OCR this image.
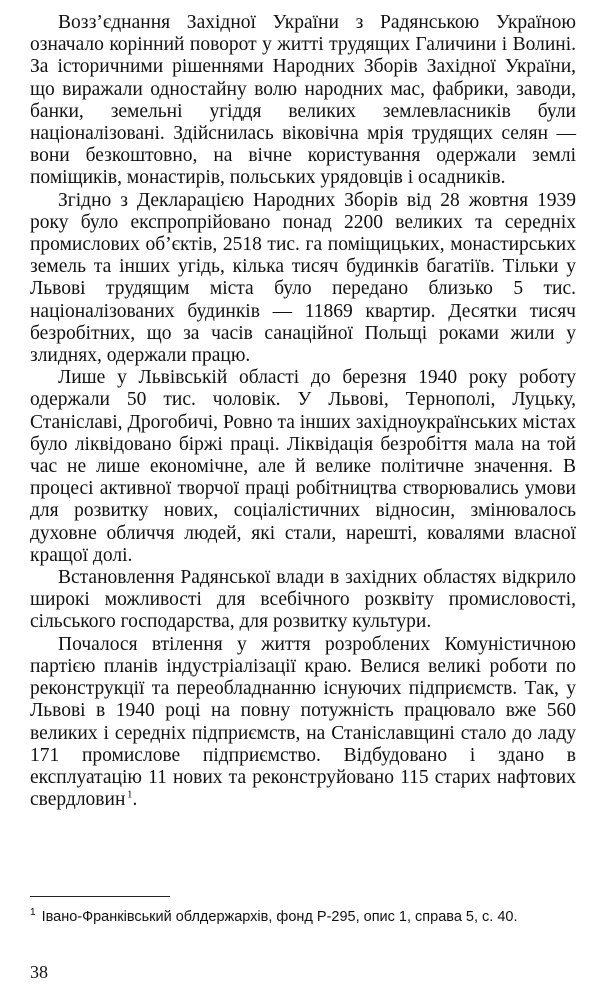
Возз’єднання Західної України з Радянською Україною означало корінний поворот у житті трудящих Галичини і Волині. За історичними рішеннями Народних Зборів Західної України, що виражали одностайну волю народних мас, фабрики, заводи, банки, земельні угіддя великих землевласників були націоналізовані. Здійснилась віковічна мрія трудящих селян — вони безкоштовно, на вічне користування одержали землі поміщиків, монастирів, польських урядовців і осадників.

Згідно з Декларацією Народних Зборів від 28 жовтня 1939 року було експропрійовано понад 2200 великих та середніх промислових об’єктів, 2518 тис. га поміщицьких, монастирських земель та інших угідь, кілька тисяч будинків багатіїв. Тільки у Львові трудящим міста було передано близько 5 тис. націоналізованих будинків — 11869 квартир. Десятки тисяч безробітних, що за часів санаційної Польщі роками жили у злиднях, одержали працю.

Лише у Львівській області до березня 1940 року роботу одержали 50 тис. чоловік. У Львові, Тернополі, Луцьку, Станіславі, Дрогобичі, Ровно та інших західноукраїнських містах було ліквідовано біржі праці. Ліквідація безробіття мала на той час не лише економічне, але й велике політичне значення. В процесі активної творчої праці робітництва створювались умови для розвитку нових, соціалістичних відносин, змінювалось духовне обличчя людей, які стали, нарешті, ковалями власної кращої долі.

Встановлення Радянської влади в західних областях відкрило широкі можливості для всебічного розквіту промисловості, сільського господарства, для розвитку культури.

Почалося втілення у життя розроблених Комуністичною партією планів індустріалізації краю. Велися великі роботи по реконструкції та переобладнанню існуючих підприємств. Так, у Львові в 1940 році на повну потужність працювало вже 560 великих і середніх підприємств, на Станіславщині стало до ладу 171 промислове підприємство. Відбудовано і здано в експлуатацію 11 нових та реконструйовано 115 старих нафтових свердловин  $^1$.

$^1$ Івано-Франківський облдержархів, фонд Р-295, опис 1, справа 5, с. 40.
38
